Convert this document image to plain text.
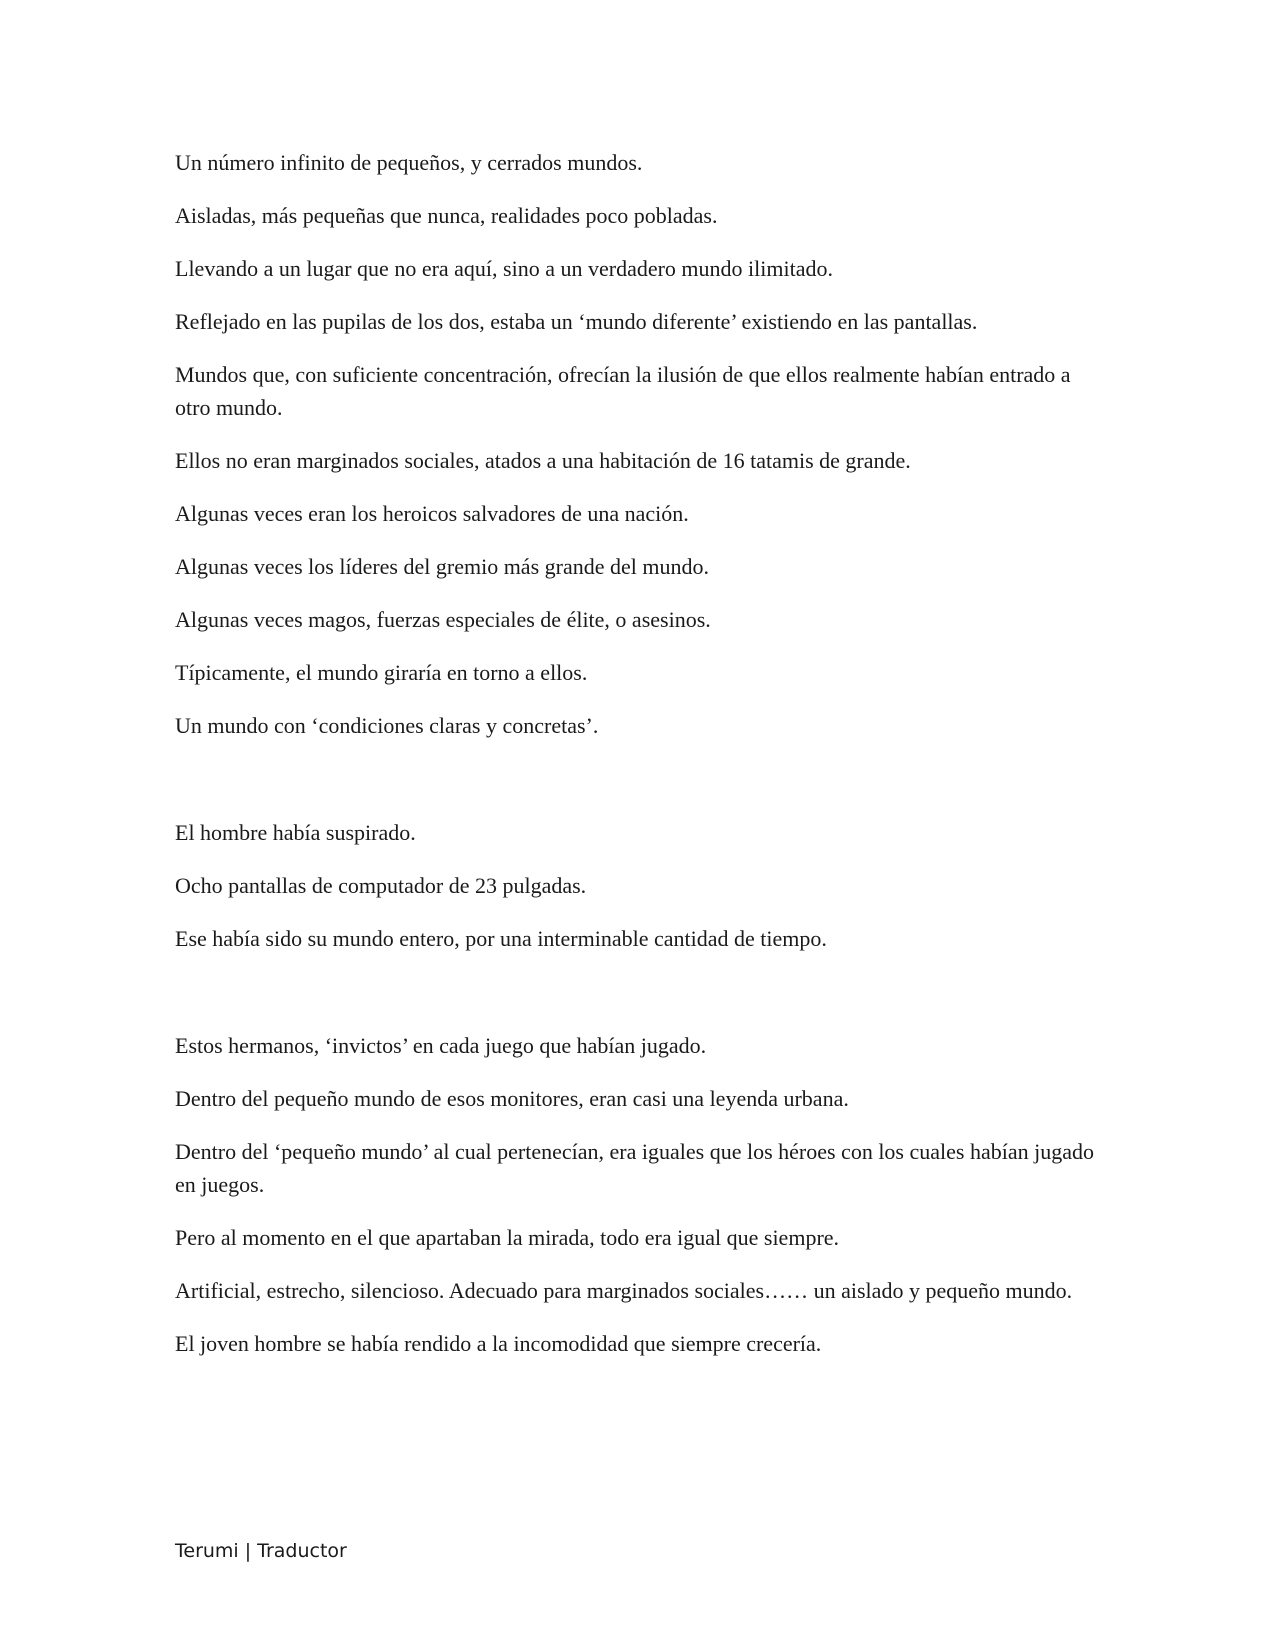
Un número infinito de pequeños, y cerrados mundos.

Aisladas, más pequeñas que nunca, realidades poco pobladas.

Llevando a un lugar que no era aquí, sino a un verdadero mundo ilimitado.

Reflejado en las pupilas de los dos, estaba un ‘mundo diferente’ existiendo en las pantallas.

Mundos que, con suficiente concentración, ofrecían la ilusión de que ellos realmente habían entrado a otro mundo.

Ellos no eran marginados sociales, atados a una habitación de 16 tatamis de grande.

Algunas veces eran los heroicos salvadores de una nación.

Algunas veces los líderes del gremio más grande del mundo.

Algunas veces magos, fuerzas especiales de élite, o asesinos.

Típicamente, el mundo giraría en torno a ellos.

Un mundo con ‘condiciones claras y concretas’.

El hombre había suspirado.

Ocho pantallas de computador de 23 pulgadas.

Ese había sido su mundo entero, por una interminable cantidad de tiempo.

Estos hermanos, ‘invictos’ en cada juego que habían jugado.

Dentro del pequeño mundo de esos monitores, eran casi una leyenda urbana.

Dentro del ‘pequeño mundo’ al cual pertenecían, era iguales que los héroes con los cuales habían jugado en juegos.

Pero al momento en el que apartaban la mirada, todo era igual que siempre.

Artificial, estrecho, silencioso. Adecuado para marginados sociales…… un aislado y pequeño mundo.

El joven hombre se había rendido a la incomodidad que siempre crecería.

Terumi | Traductor
